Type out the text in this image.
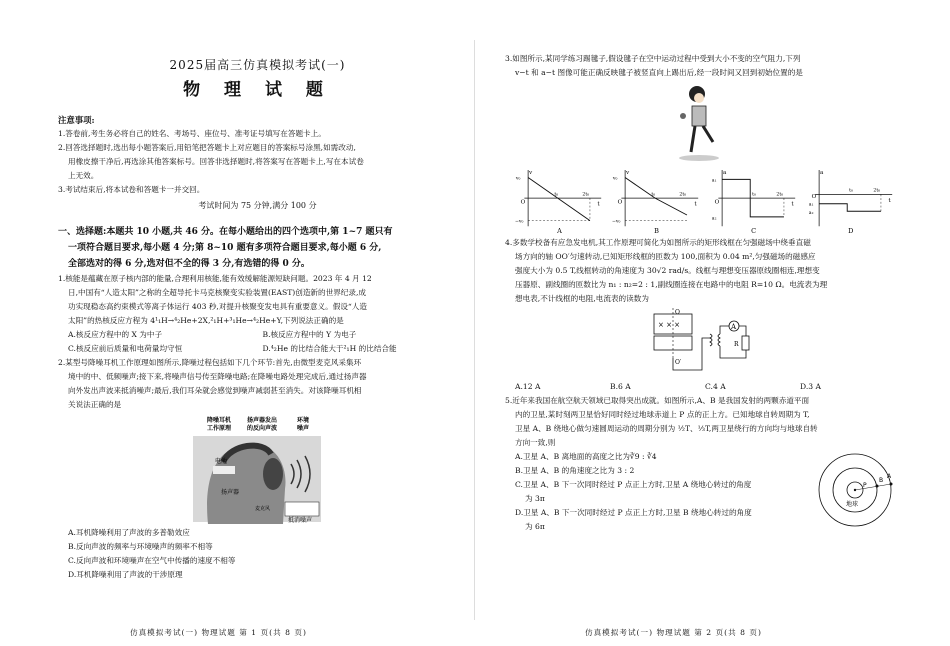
2025届高三仿真模拟考试(一)
物 理 试 题
注意事项:

1.答卷前,考生务必将自己的姓名、考场号、座位号、准考证号填写在答题卡上。

2.回答选择题时,选出每小题答案后,用铅笔把答题卡上对应题目的答案标号涂黑,如需改动,

用橡皮擦干净后,再选涂其他答案标号。回答非选择题时,将答案写在答题卡上,写在本试卷

上无效。

3.考试结束后,将本试卷和答题卡一并交回。

考试时间为 75 分钟,满分 100 分
一、选择题:本题共 10 小题,共 46 分。在每小题给出的四个选项中,第 1~7 题只有
一项符合题目要求,每小题 4 分;第 8~10 题有多项符合题目要求,每小题 6 分,
全部选对的得 6 分,选对但不全的得 3 分,有选错的得 0 分。

1.核能是蕴藏在原子核内部的能量,合理利用核能,能有效缓解能源短缺问题。2023 年 4 月 12

日,中国有“人造太阳”之称的全超导托卡马克核聚变实验装置(EAST)创造新的世界纪录,成

功实现稳态高约束模式等离子体运行 403 秒,对提升核聚变发电具有重要意义。假设“人造

太阳”的热核反应方程为 4¹₁H→⁴₂He+2X,²₁H+³₁He→⁴₂He+Y,下列说法正确的是

A.核反应方程中的 X 为中子	B.核反应方程中的 Y 为电子
C.核反应前后质量和电荷量均守恒	D.⁴₂He 的比结合能大于²₁H 的比结合能

2.某型号降噪耳机工作原理如图所示,降噪过程包括如下几个环节:首先,由微型麦克风采集环

境中的中、低频噪声;接下来,将噪声信号传至降噪电路;在降噪电路处理完成后,通过扬声器

向外发出声波来抵消噪声;最后,我们耳朵就会感觉到噪声减弱甚至消失。对该降噪耳机相

关说法正确的是

降噪耳机
工作原理
扬声器发出
的反向声波
环境
噪声
电池
扬声器
麦克风
抵消噪声

A.耳机降噪利用了声波的多普勒效应

B.反向声波的频率与环境噪声的频率不相等

C.反向声波和环境噪声在空气中传播的速度不相等

D.耳机降噪利用了声波的干涉原理

仿真模拟考试(一) 物理试题 第 1 页(共 8 页)

3.如图所示,某同学练习踢毽子,假设毽子在空中运动过程中受到大小不变的空气阻力,下列

v−t 和 a−t 图像可能正确反映毽子被竖直向上踢出后,经一段时间又回到初始位置的是

v
t
O
v₀
−v₀
t₀	2t₀
A
v
t
O
v₀
−v₀
t₀	2t₀
B
a
t
O
a₁
a₂
t₀	2t₀
C
a
t
O
a₁
a₂
t₀	2t₀
D

4.多数学校备有应急发电机,其工作原理可简化为如图所示的矩形线框在匀强磁场中绕垂直磁

场方向的轴 OO′匀速转动,已知矩形线框的匝数为 100,面积为 0.04 m²,匀强磁场的磁感应

强度大小为 0.5 T,线框转动的角速度为 30√2 rad/s。线框与理想变压器原线圈相连,理想变

压器原、副线圈的匝数比为 n₁ : n₂=2 : 1,副线圈连接在电路中的电阻 R=10 Ω。电流表为理

想电表,不计线框的电阻,电流表的读数为

× × ×
O
O′
A
R
A.12 A	B.6 A	C.4 A	D.3 A

5.近年来我国在航空航天领域已取得突出成就。如图所示,A、B 是我国发射的两颗赤道平面

内的卫星,某时刻两卫星恰好同时经过地球赤道上 P 点的正上方。已知地球自转周期为 T,

卫星 A、B 绕地心做匀速圆周运动的周期分别为 ½T、⅓T,两卫星绕行的方向均与地球自转

方向一致,则

A.卫星 A、B 离地面的高度之比为∛9 : ∛4

B.卫星 A、B 的角速度之比为 3 : 2

C.卫星 A、B 下一次同时经过 P 点正上方时,卫星 A 绕地心转过的角度

为 3π

D.卫星 A、B 下一次同时经过 P 点正上方时,卫星 B 绕地心转过的角度

为 6π

地球
P
B
A
仿真模拟考试(一) 物理试题 第 2 页(共 8 页)
